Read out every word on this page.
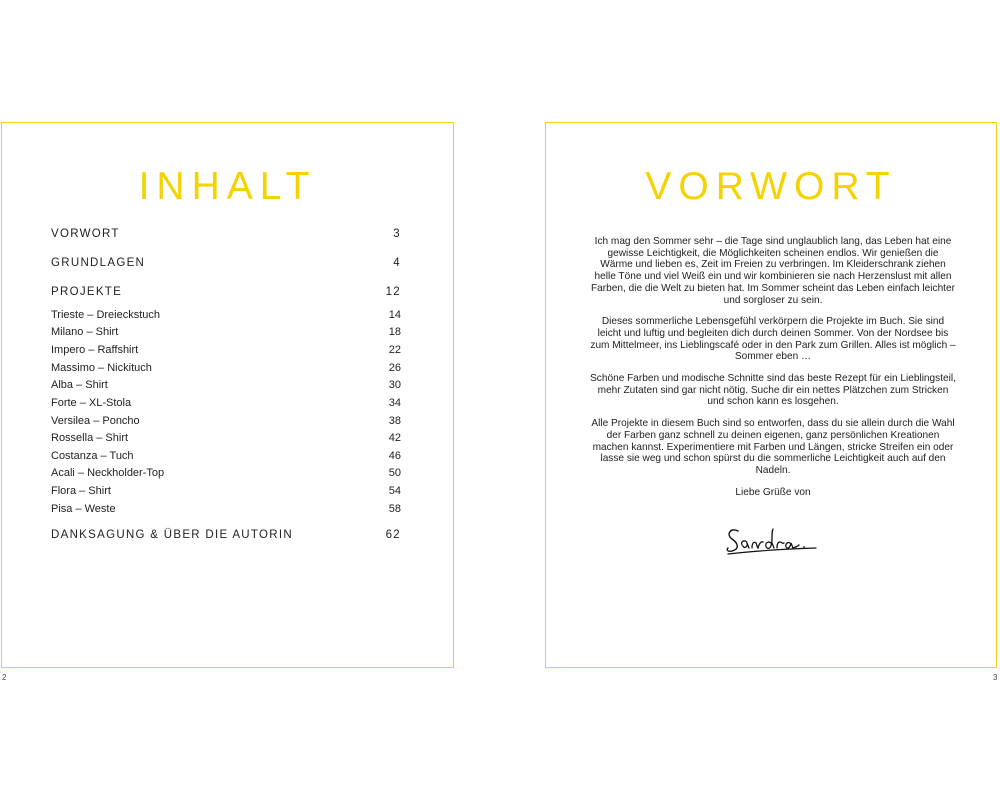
INHALT
VORWORT	3
GRUNDLAGEN	4
PROJEKTE	12
Trieste – Dreieckstuch	14
Milano – Shirt	18
Impero – Raffshirt	22
Massimo – Nickituch	26
Alba – Shirt	30
Forte – XL-Stola	34
Versilea – Poncho	38
Rossella – Shirt	42
Costanza – Tuch	46
Acali – Neckholder-Top	50
Flora – Shirt	54
Pisa – Weste	58
DANKSAGUNG & ÜBER DIE AUTORIN	62
VORWORT

Ich mag den Sommer sehr – die Tage sind unglaublich lang, das Leben hat eine gewisse Leichtigkeit, die Möglichkeiten scheinen endlos. Wir genießen die Wärme und lieben es, Zeit im Freien zu verbringen. Im Kleiderschrank ziehen helle Töne und viel Weiß ein und wir kombinieren sie nach Herzenslust mit allen Farben, die die Welt zu bieten hat. Im Sommer scheint das Leben einfach leichter und sorgloser zu sein.

Dieses sommerliche Lebensgefühl verkörpern die Projekte im Buch. Sie sind leicht und luftig und begleiten dich durch deinen Sommer. Von der Nordsee bis zum Mittelmeer, ins Lieblingscafé oder in den Park zum Grillen. Alles ist möglich – Sommer eben …

Schöne Farben und modische Schnitte sind das beste Rezept für ein Lieblingsteil, mehr Zutaten sind gar nicht nötig. Suche dir ein nettes Plätzchen zum Stricken und schon kann es losgehen.

Alle Projekte in diesem Buch sind so entworfen, dass du sie allein durch die Wahl der Farben ganz schnell zu deinen eigenen, ganz persönlichen Kreationen machen kannst. Experimentiere mit Farben und Längen, stricke Streifen ein oder lasse sie weg und schon spürst du die sommerliche Leichtigkeit auch auf den Nadeln.

Liebe Grüße von

2	3
